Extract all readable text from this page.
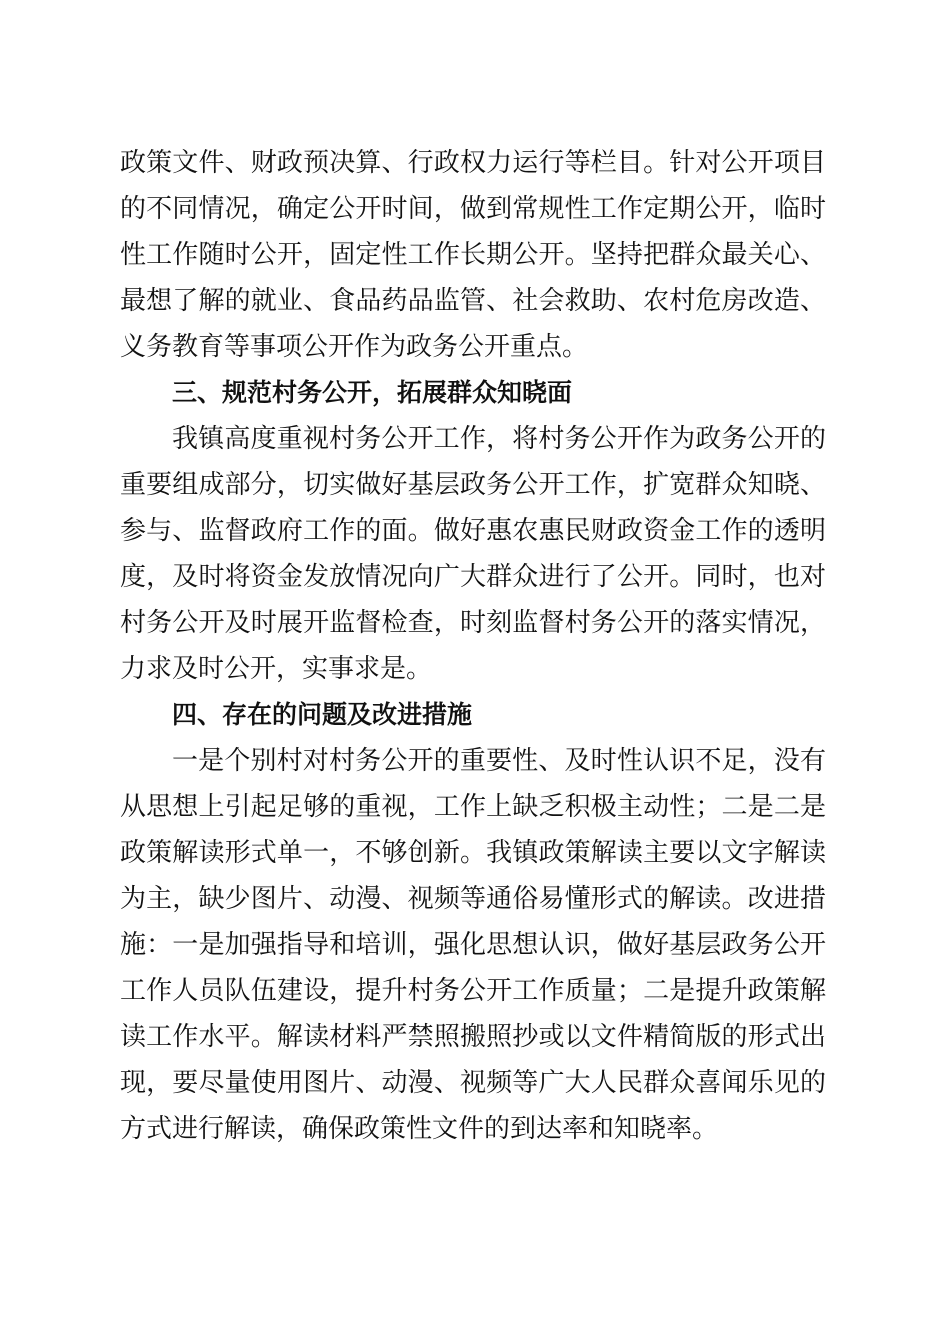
政策文件、财政预决算、行政权力运行等栏目。针对公开项目
的不同情况，确定公开时间，做到常规性工作定期公开，临时
性工作随时公开，固定性工作长期公开。坚持把群众最关心、
最想了解的就业、食品药品监管、社会救助、农村危房改造、
义务教育等事项公开作为政务公开重点。
三、规范村务公开，拓展群众知晓面
我镇高度重视村务公开工作，将村务公开作为政务公开的
重要组成部分，切实做好基层政务公开工作，扩宽群众知晓、
参与、监督政府工作的面。做好惠农惠民财政资金工作的透明
度，及时将资金发放情况向广大群众进行了公开。同时，也对
村务公开及时展开监督检查，时刻监督村务公开的落实情况，
力求及时公开，实事求是。
四、存在的问题及改进措施
一是个别村对村务公开的重要性、及时性认识不足，没有
从思想上引起足够的重视，工作上缺乏积极主动性；二是二是
政策解读形式单一，不够创新。我镇政策解读主要以文字解读
为主，缺少图片、动漫、视频等通俗易懂形式的解读。改进措
施：一是加强指导和培训，强化思想认识，做好基层政务公开
工作人员队伍建设，提升村务公开工作质量；二是提升政策解
读工作水平。解读材料严禁照搬照抄或以文件精简版的形式出
现，要尽量使用图片、动漫、视频等广大人民群众喜闻乐见的
方式进行解读，确保政策性文件的到达率和知晓率。
